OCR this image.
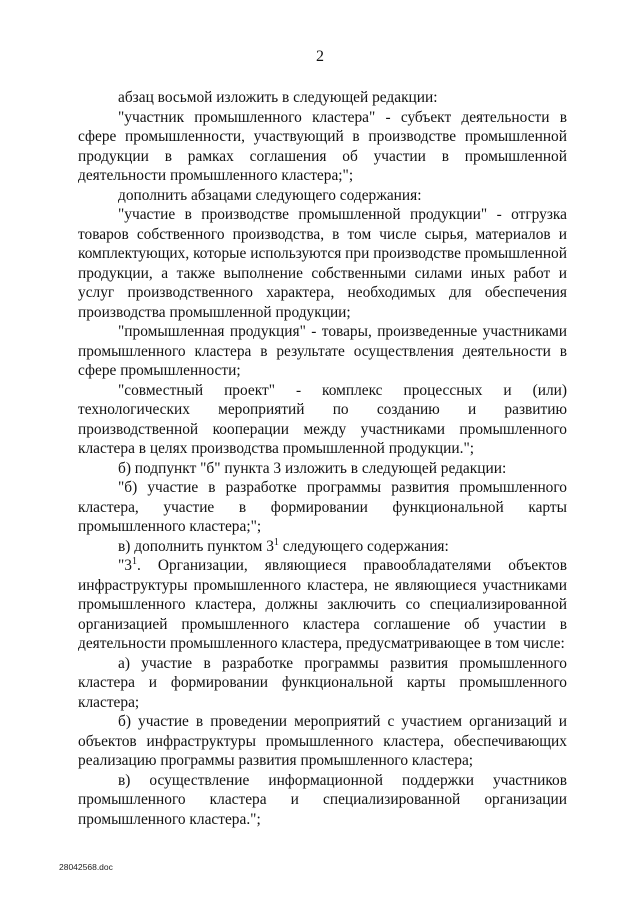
2

абзац восьмой изложить в следующей редакции:

"участник промышленного кластера" - субъект деятельности в сфере промышленности, участвующий в производстве промышленной продукции в рамках соглашения об участии в промышленной деятельности промышленного кластера;";

дополнить абзацами следующего содержания:

"участие в производстве промышленной продукции" - отгрузка товаров собственного производства, в том числе сырья, материалов и комплектующих, которые используются при производстве промышленной продукции, а также выполнение собственными силами иных работ и услуг производственного характера, необходимых для обеспечения производства промышленной продукции;

"промышленная продукция" - товары, произведенные участниками промышленного кластера в результате осуществления деятельности в сфере промышленности;

"совместный проект" - комплекс процессных и (или) технологических мероприятий по созданию и развитию производственной кооперации между участниками промышленного кластера в целях производства промышленной продукции.";

б) подпункт "б" пункта 3 изложить в следующей редакции:

"б) участие в разработке программы развития промышленного кластера, участие в формировании функциональной карты промышленного кластера;";

в) дополнить пунктом $3^1$ следующего содержания:

"$3^1$. Организации, являющиеся правообладателями объектов инфраструктуры промышленного кластера, не являющиеся участниками промышленного кластера, должны заключить со специализированной организацией промышленного кластера соглашение об участии в деятельности промышленного кластера, предусматривающее в том числе:

а) участие в разработке программы развития промышленного кластера и формировании функциональной карты промышленного кластера;

б) участие в проведении мероприятий с участием организаций и объектов инфраструктуры промышленного кластера, обеспечивающих реализацию программы развития промышленного кластера;

в) осуществление информационной поддержки участников промышленного кластера и специализированной организации промышленного кластера.";

28042568.doc
